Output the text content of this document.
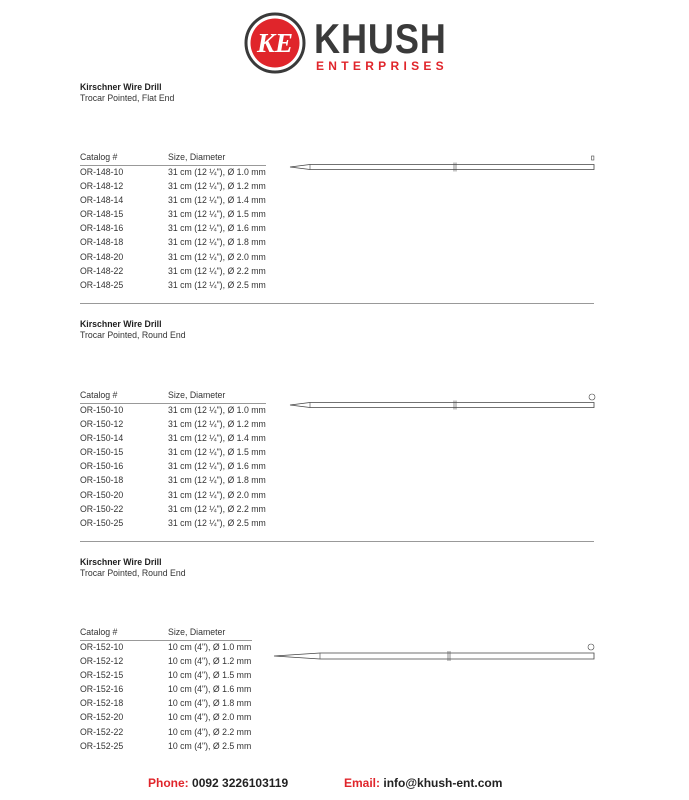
KE KHUSH
ENTERPRISES
Kirschner Wire Drill
Trocar Pointed, Flat End
Catalog #	Size, Diameter
OR-148-10	31 cm (12 ¼"), Ø 1.0 mm
OR-148-12	31 cm (12 ¼"), Ø 1.2 mm
OR-148-14	31 cm (12 ¼"), Ø 1.4 mm
OR-148-15	31 cm (12 ¼"), Ø 1.5 mm
OR-148-16	31 cm (12 ¼"), Ø 1.6 mm
OR-148-18	31 cm (12 ¼"), Ø 1.8 mm
OR-148-20	31 cm (12 ¼"), Ø 2.0 mm
OR-148-22	31 cm (12 ¼"), Ø 2.2 mm
OR-148-25	31 cm (12 ¼"), Ø 2.5 mm
Kirschner Wire Drill
Trocar Pointed, Round End
Catalog #	Size, Diameter
OR-150-10	31 cm (12 ¼"), Ø 1.0 mm
OR-150-12	31 cm (12 ¼"), Ø 1.2 mm
OR-150-14	31 cm (12 ¼"), Ø 1.4 mm
OR-150-15	31 cm (12 ¼"), Ø 1.5 mm
OR-150-16	31 cm (12 ¼"), Ø 1.6 mm
OR-150-18	31 cm (12 ¼"), Ø 1.8 mm
OR-150-20	31 cm (12 ¼"), Ø 2.0 mm
OR-150-22	31 cm (12 ¼"), Ø 2.2 mm
OR-150-25	31 cm (12 ¼"), Ø 2.5 mm
Kirschner Wire Drill
Trocar Pointed, Round End
Catalog #	Size, Diameter
OR-152-10	10 cm (4"), Ø 1.0 mm
OR-152-12	10 cm (4"), Ø 1.2 mm
OR-152-15	10 cm (4"), Ø 1.5 mm
OR-152-16	10 cm (4"), Ø 1.6 mm
OR-152-18	10 cm (4"), Ø 1.8 mm
OR-152-20	10 cm (4"), Ø 2.0 mm
OR-152-22	10 cm (4"), Ø 2.2 mm
OR-152-25	10 cm (4"), Ø 2.5 mm
Phone: 0092 3226103119	Email: info@khush-ent.com
